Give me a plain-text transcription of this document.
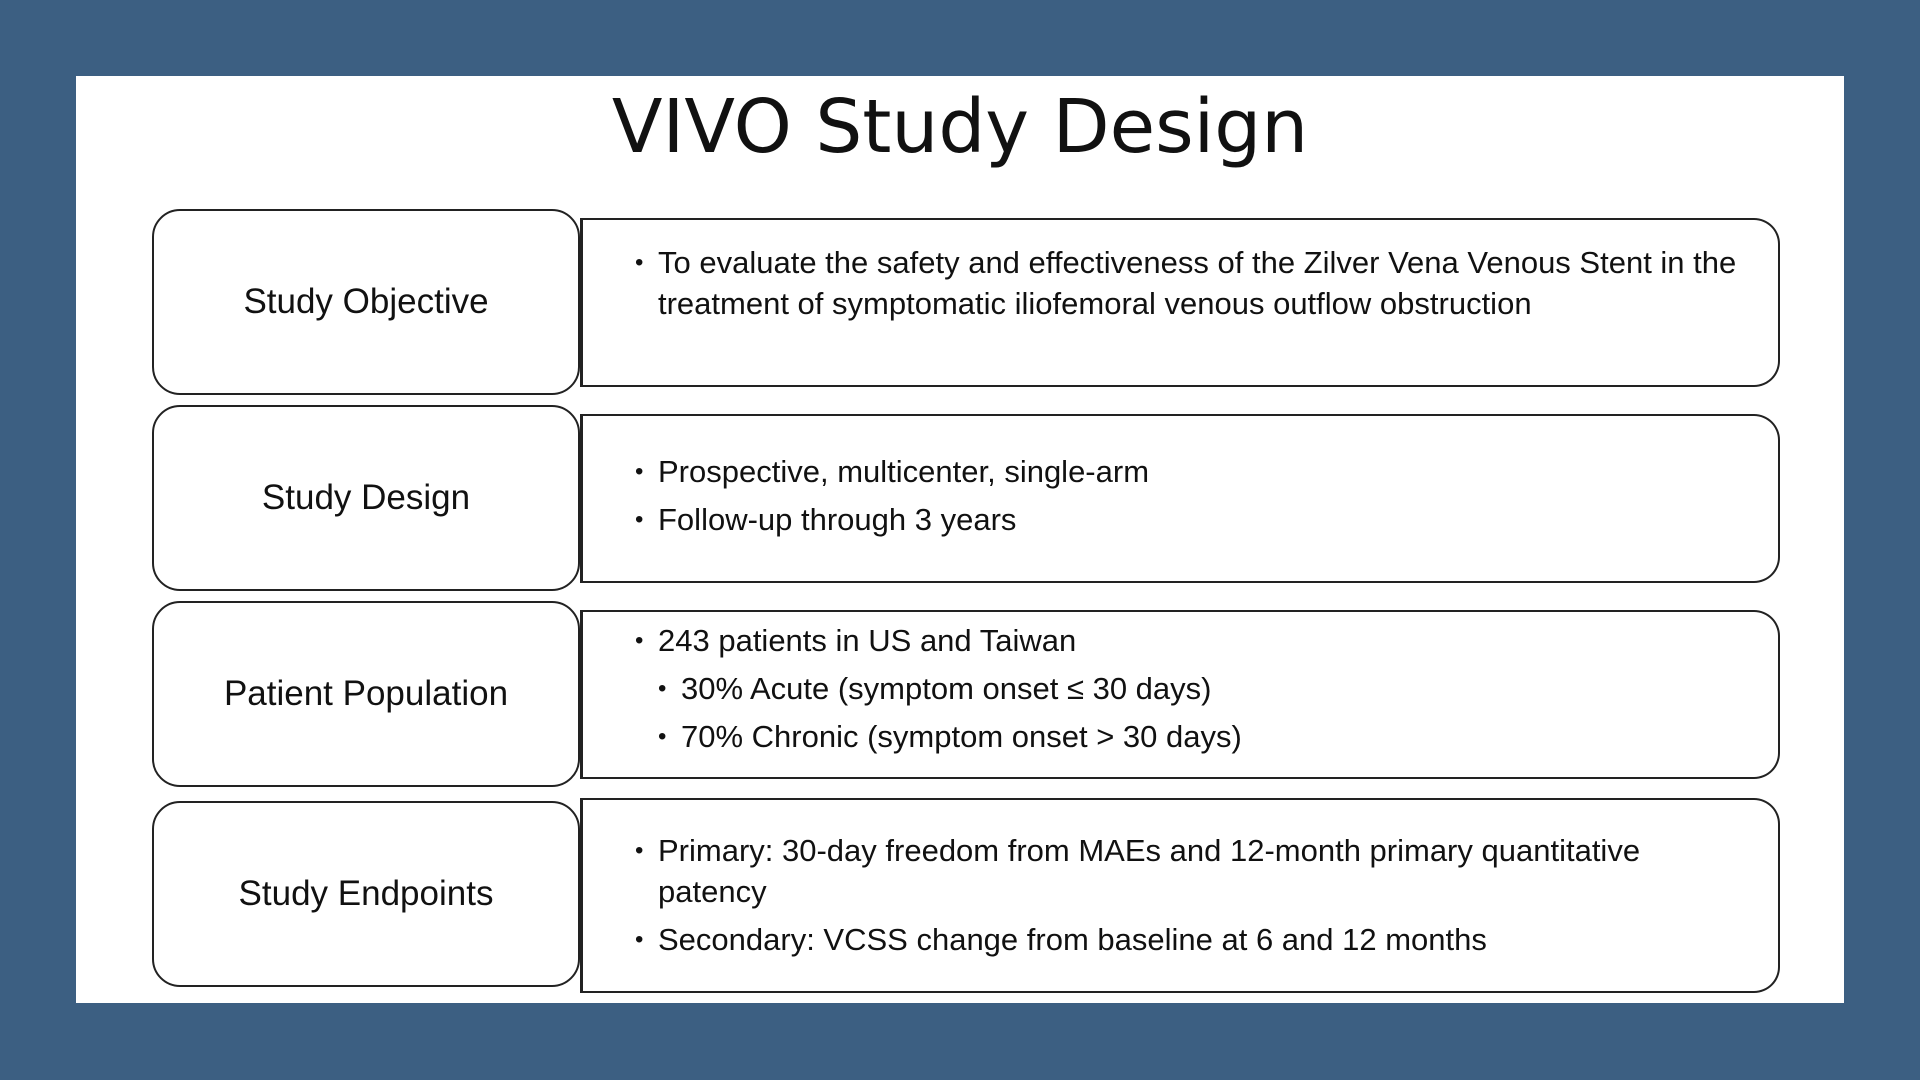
VIVO Study Design
Study Objective
• To evaluate the safety and effectiveness of the Zilver Vena Venous Stent in the treatment of symptomatic iliofemoral venous outflow obstruction
Study Design
• Prospective, multicenter, single-arm
• Follow-up through 3 years
Patient Population
• 243 patients in US and Taiwan
• 30% Acute (symptom onset ≤ 30 days)
• 70% Chronic (symptom onset > 30 days)
Study Endpoints
• Primary: 30-day freedom from MAEs and 12-month primary quantitative patency
• Secondary: VCSS change from baseline at 6 and 12 months
